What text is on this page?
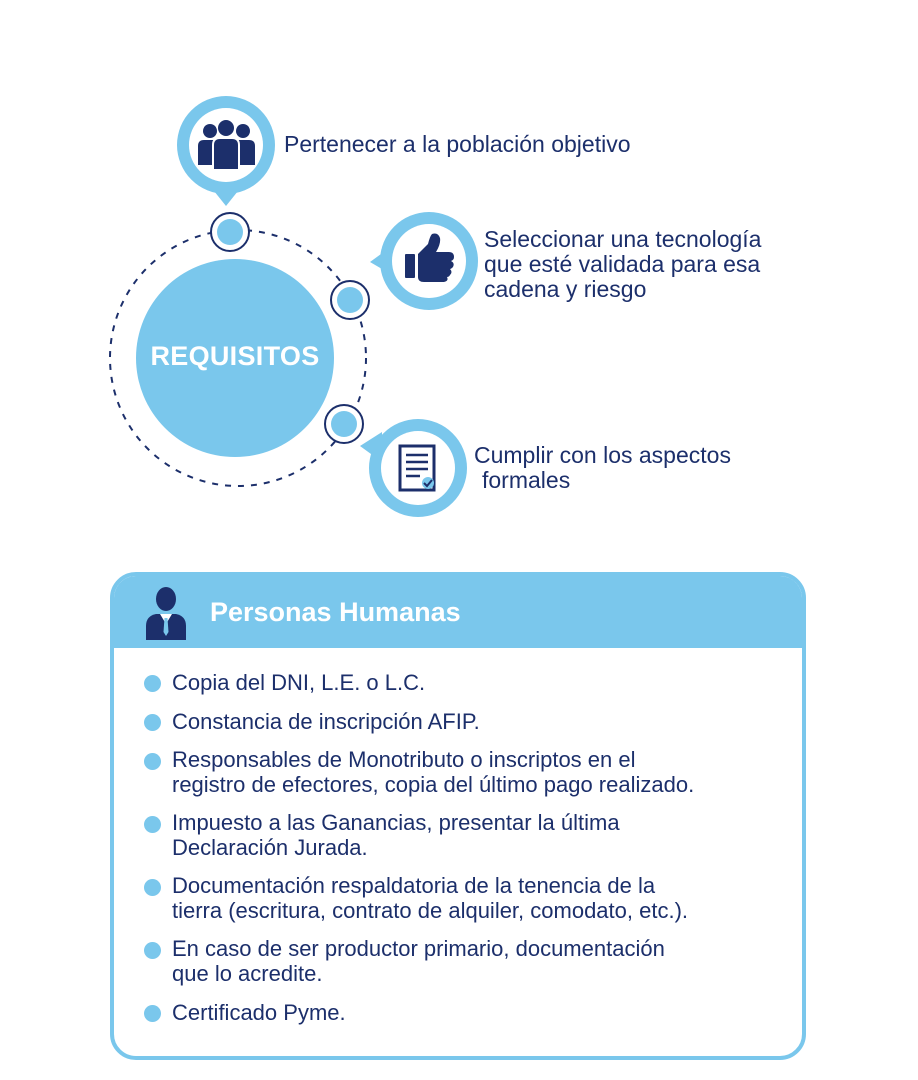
REQUISITOS
Pertenecer a la población objetivo
Seleccionar una tecnología
que esté validada para esa
cadena y riesgo
Cumplir con los aspectos
formales
Personas Humanas
Copia del DNI, L.E. o L.C.
Constancia de inscripción AFIP.
Responsables de Monotributo o inscriptos en el
registro de efectores, copia del último pago realizado.
Impuesto a las Ganancias, presentar la última
Declaración Jurada.
Documentación respaldatoria de la tenencia de la
tierra (escritura, contrato de alquiler, comodato, etc.).
En caso de ser productor primario, documentación
que lo acredite.
Certificado Pyme.
